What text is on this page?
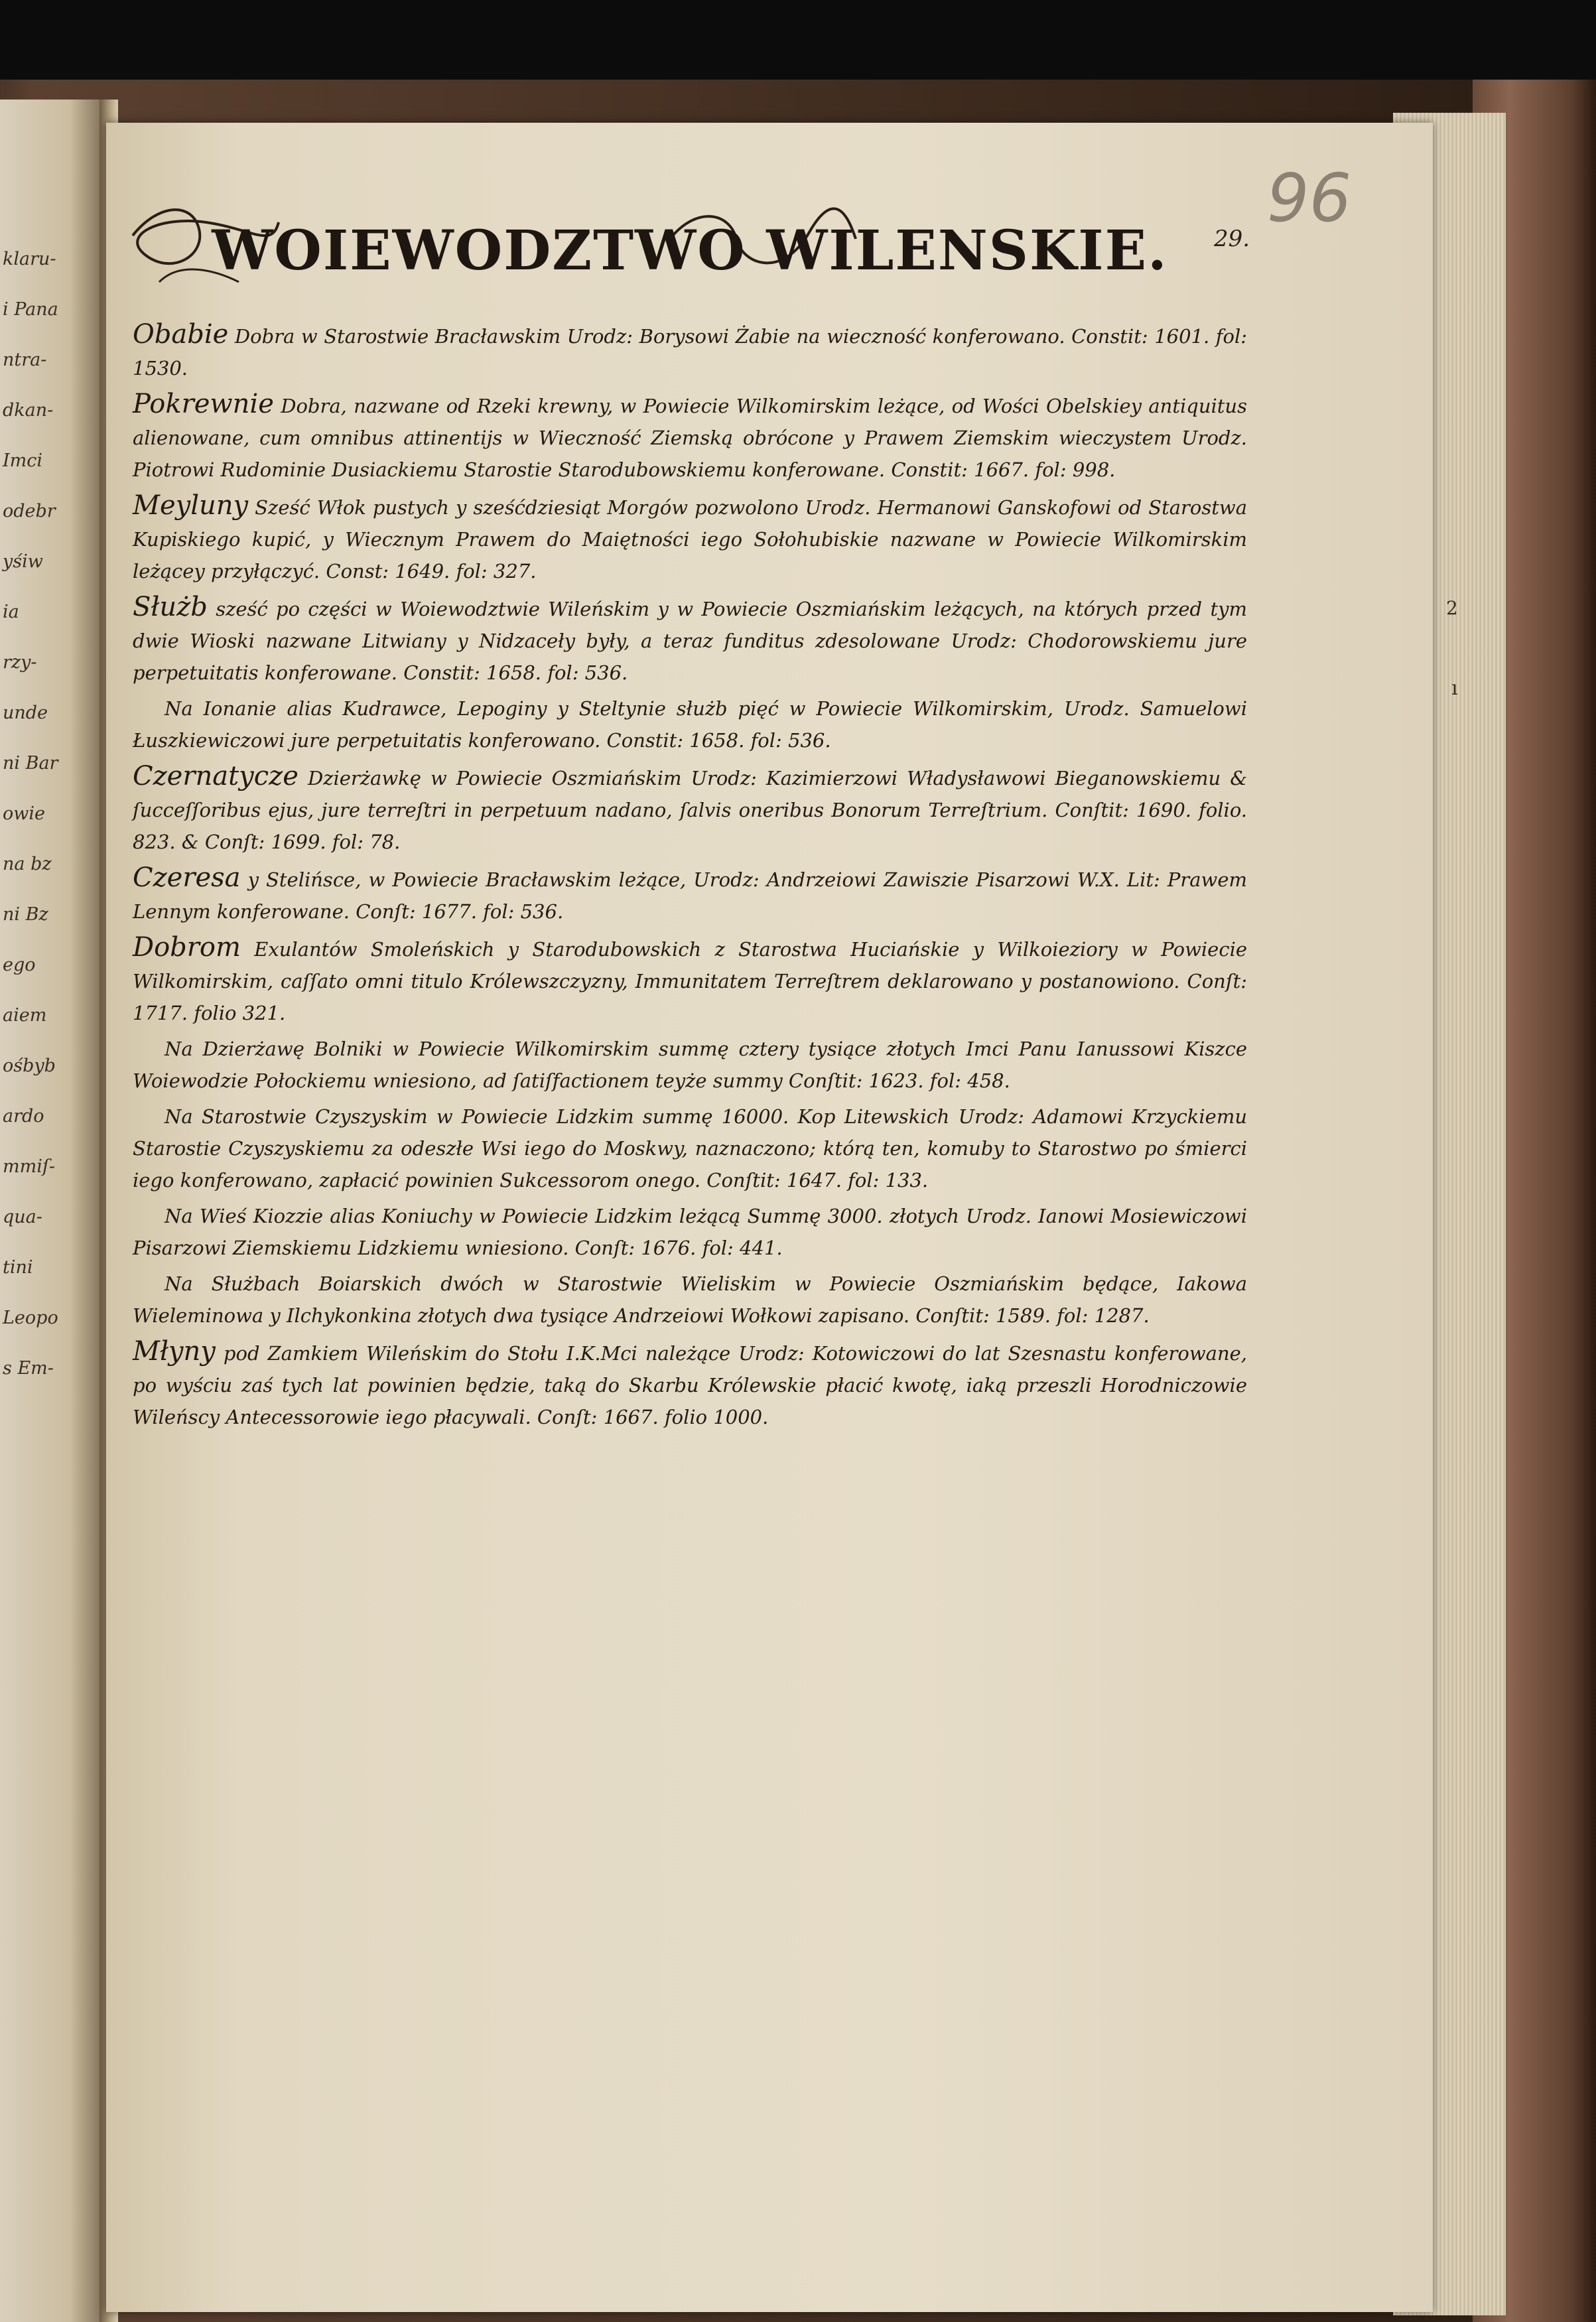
klaru-
i Pana
ntra-
dkan-
Imci
odebr
yśiw
ia
rzy-
unde
ni Bar
owie
na bz
ni Bz
ego
aiem
ośbyb
ardo
mmiſ-
qua-
tini
Leopo
s Em-
WOIEWODZTWO WILENSKIE.	29.
96

Obabie Dobra w Starostwie Bracławskim Urodz: Borysowi Żabie na wieczność konferowano. Constit: 1601. fol: 1530.

Pokrewnie Dobra, nazwane od Rzeki krewny, w Powiecie Wilkomirskim leżące, od Wości Obelskiey antiquitus alienowane, cum omnibus attinentijs w Wieczność Ziemską obrócone y Prawem Ziemskim wieczystem Urodz. Piotrowi Rudominie Dusiackiemu Starostie Starodubowskiemu konferowane. Constit: 1667. fol: 998.

Meyluny Sześć Włok pustych y sześćdziesiąt Morgów pozwolono Urodz. Hermanowi Ganskofowi od Starostwa Kupiskiego kupić, y Wiecznym Prawem do Maiętności iego Sołohubiskie nazwane w Powiecie Wilkomirskim leżącey przyłączyć. Const: 1649. fol: 327.

Służb sześć po części w Woiewodztwie Wileńskim y w Powiecie Oszmiańskim leżących, na których przed tym dwie Wioski nazwane Litwiany y Nidzaceły były, a teraz funditus zdesolowane Urodz: Chodorowskiemu jure perpetuitatis konferowane. Constit: 1658. fol: 536.

Na Ionanie alias Kudrawce, Lepoginy y Steltynie służb pięć w Powiecie Wilkomirskim, Urodz. Samuelowi Łuszkiewiczowi jure perpetuitatis konferowano. Constit: 1658. fol: 536.

Czernatycze Dzierżawkę w Powiecie Oszmiańskim Urodz: Kazimierzowi Władysławowi Bieganowskiemu & ſucceſſoribus ejus, jure terreſtri in perpetuum nadano, ſalvis oneribus Bonorum Terreſtrium. Conſtit: 1690. folio. 823. & Conſt: 1699. fol: 78.

Czeresa y Stelińsce, w Powiecie Bracławskim leżące, Urodz: Andrzeiowi Zawiszie Pisarzowi W.X. Lit: Prawem Lennym konferowane. Conſt: 1677. fol: 536.

Dobrom Exulantów Smoleńskich y Starodubowskich z Starostwa Huciańskie y Wilkoieziory w Powiecie Wilkomirskim, caſſato omni titulo Królewszczyzny, Immunitatem Terreſtrem deklarowano y postanowiono. Conſt: 1717. folio 321.

Na Dzierżawę Bolniki w Powiecie Wilkomirskim summę cztery tysiące złotych Imci Panu Ianussowi Kiszce Woiewodzie Połockiemu wniesiono, ad ſatiſfactionem teyże summy Conſtit: 1623. fol: 458.

Na Starostwie Czyszyskim w Powiecie Lidzkim summę 16000. Kop Litewskich Urodz: Adamowi Krzyckiemu Starostie Czyszyskiemu za odeszłe Wsi iego do Moskwy, naznaczono; którą ten, komuby to Starostwo po śmierci iego konferowano, zapłacić powinien Sukcessorom onego. Conſtit: 1647. fol: 133.

Na Wieś Kiozzie alias Koniuchy w Powiecie Lidzkim leżącą Summę 3000. złotych Urodz. Ianowi Mosiewiczowi Pisarzowi Ziemskiemu Lidzkiemu wniesiono. Conſt: 1676. fol: 441.

Na Służbach Boiarskich dwóch w Starostwie Wieliskim w Powiecie Oszmiańskim będące, Iakowa Wieleminowa y Ilchykonkina złotych dwa tysiące Andrzeiowi Wołkowi zapisano. Conſtit: 1589. fol: 1287.

Młyny pod Zamkiem Wileńskim do Stołu I.K.Mci należące Urodz: Kotowiczowi do lat Szesnastu konferowane, po wyściu zaś tych lat powinien będzie, taką do Skarbu Królewskie płacić kwotę, iaką przeszli Horodniczowie Wileńscy Antecessorowie iego płacywali. Conſt: 1667. folio 1000.

2
ı
